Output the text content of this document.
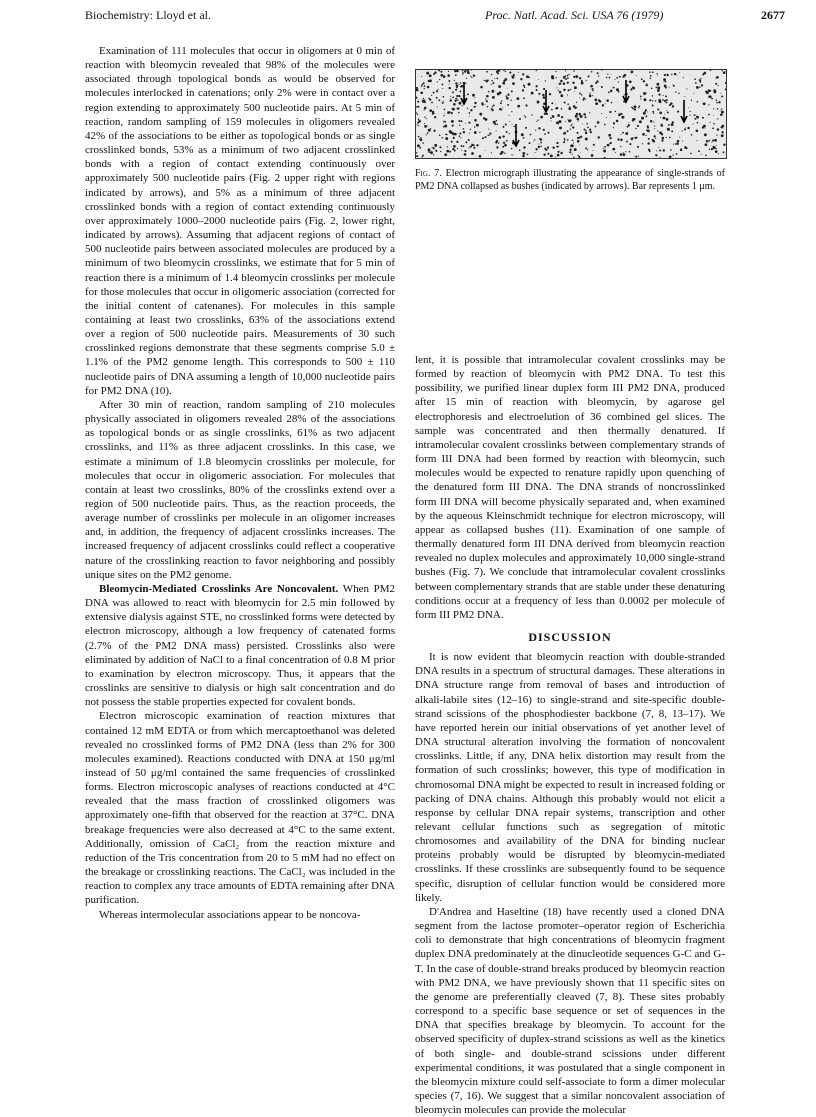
Biochemistry: Lloyd et al.	Proc. Natl. Acad. Sci. USA 76 (1979)	2677

Examination of 111 molecules that occur in oligomers at 0 min of reaction with bleomycin revealed that 98% of the molecules were associated through topological bonds as would be observed for molecules interlocked in catenations; only 2% were in contact over a region extending to approximately 500 nucleotide pairs. At 5 min of reaction, random sampling of 159 molecules in oligomers revealed 42% of the associations to be either as topological bonds or as single crosslinked bonds, 53% as a minimum of two adjacent crosslinked bonds with a region of contact extending continuously over approximately 500 nucleotide pairs (Fig. 2 upper right with regions indicated by arrows), and 5% as a minimum of three adjacent crosslinked bonds with a region of contact extending continuously over approximately 1000–2000 nucleotide pairs (Fig. 2, lower right, indicated by arrows). Assuming that adjacent regions of contact of 500 nucleotide pairs between associated molecules are produced by a minimum of two bleomycin crosslinks, we estimate that for 5 min of reaction there is a minimum of 1.4 bleomycin crosslinks per molecule for those molecules that occur in oligomeric association (corrected for the initial content of catenanes). For molecules in this sample containing at least two crosslinks, 63% of the associations extend over a region of 500 nucleotide pairs. Measurements of 30 such crosslinked regions demonstrate that these segments comprise 5.0 ± 1.1% of the PM2 genome length. This corresponds to 500 ± 110 nucleotide pairs of DNA assuming a length of 10,000 nucleotide pairs for PM2 DNA (10).

After 30 min of reaction, random sampling of 210 molecules physically associated in oligomers revealed 28% of the associations as topological bonds or as single crosslinks, 61% as two adjacent crosslinks, and 11% as three adjacent crosslinks. In this case, we estimate a minimum of 1.8 bleomycin crosslinks per molecule, for molecules that occur in oligomeric association. For molecules that contain at least two crosslinks, 80% of the crosslinks extend over a region of 500 nucleotide pairs. Thus, as the reaction proceeds, the average number of crosslinks per molecule in an oligomer increases and, in addition, the frequency of adjacent crosslinks increases. The increased frequency of adjacent crosslinks could reflect a cooperative nature of the crosslinking reaction to favor neighboring and possibly unique sites on the PM2 genome.

Bleomycin-Mediated Crosslinks Are Noncovalent. When PM2 DNA was allowed to react with bleomycin for 2.5 min followed by extensive dialysis against STE, no crosslinked forms were detected by electron microscopy, although a low frequency of catenated forms (2.7% of the PM2 DNA mass) persisted. Crosslinks also were eliminated by addition of NaCl to a final concentration of 0.8 M prior to examination by electron microscopy. Thus, it appears that the crosslinks are sensitive to dialysis or high salt concentration and do not possess the stable properties expected for covalent bonds.

Electron microscopic examination of reaction mixtures that contained 12 mM EDTA or from which mercaptoethanol was deleted revealed no crosslinked forms of PM2 DNA (less than 2% for 300 molecules examined). Reactions conducted with DNA at 150 μg/ml instead of 50 μg/ml contained the same frequencies of crosslinked forms. Electron microscopic analyses of reactions conducted at 4°C revealed that the mass fraction of crosslinked oligomers was approximately one-fifth that observed for the reaction at 37°C. DNA breakage frequencies were also decreased at 4°C to the same extent. Additionally, omission of CaCl₂ from the reaction mixture and reduction of the Tris concentration from 20 to 5 mM had no effect on the breakage or crosslinking reactions. The CaCl₂ was included in the reaction to complex any trace amounts of EDTA remaining after DNA purification.

Whereas intermolecular associations appear to be noncova-

Fig. 7. Electron micrograph illustrating the appearance of single-strands of PM2 DNA collapsed as bushes (indicated by arrows). Bar represents 1 μm.

lent, it is possible that intramolecular covalent crosslinks may be formed by reaction of bleomycin with PM2 DNA. To test this possibility, we purified linear duplex form III PM2 DNA, produced after 15 min of reaction with bleomycin, by agarose gel electrophoresis and electroelution of 36 combined gel slices. The sample was concentrated and then thermally denatured. If intramolecular covalent crosslinks between complementary strands of form III DNA had been formed by reaction with bleomycin, such molecules would be expected to renature rapidly upon quenching of the denatured form III DNA. The DNA strands of noncrosslinked form III DNA will become physically separated and, when examined by the aqueous Kleinschmidt technique for electron microscopy, will appear as collapsed bushes (11). Examination of one sample of thermally denatured form III DNA derived from bleomycin reaction revealed no duplex molecules and approximately 10,000 single-strand bushes (Fig. 7). We conclude that intramolecular covalent crosslinks between complementary strands that are stable under these denaturing conditions occur at a frequency of less than 0.0002 per molecule of form III PM2 DNA.

DISCUSSION

It is now evident that bleomycin reaction with double-stranded DNA results in a spectrum of structural damages. These alterations in DNA structure range from removal of bases and introduction of alkali-labile sites (12–16) to single-strand and site-specific double-strand scissions of the phosphodiester backbone (7, 8, 13–17). We have reported herein our initial observations of yet another level of DNA structural alteration involving the formation of noncovalent crosslinks. Little, if any, DNA helix distortion may result from the formation of such crosslinks; however, this type of modification in chromosomal DNA might be expected to result in increased folding or packing of DNA chains. Although this probably would not elicit a response by cellular DNA repair systems, transcription and other relevant cellular functions such as segregation of mitotic chromosomes and availability of the DNA for binding nuclear proteins probably would be disrupted by bleomycin-mediated crosslinks. If these crosslinks are subsequently found to be sequence specific, disruption of cellular function would be considered more likely.

D'Andrea and Haseltine (18) have recently used a cloned DNA segment from the lactose promoter–operator region of Escherichia coli to demonstrate that high concentrations of bleomycin fragment duplex DNA predominately at the dinucleotide sequences G-C and G-T. In the case of double-strand breaks produced by bleomycin reaction with PM2 DNA, we have previously shown that 11 specific sites on the genome are preferentially cleaved (7, 8). These sites probably correspond to a specific base sequence or set of sequences in the DNA that specifies breakage by bleomycin. To account for the observed specificity of duplex-strand scissions as well as the kinetics of both single- and double-strand scissions under different experimental conditions, it was postulated that a single component in the bleomycin mixture could self-associate to form a dimer molecular species (7, 16). We suggest that a similar noncovalent association of bleomycin molecules can provide the molecular
